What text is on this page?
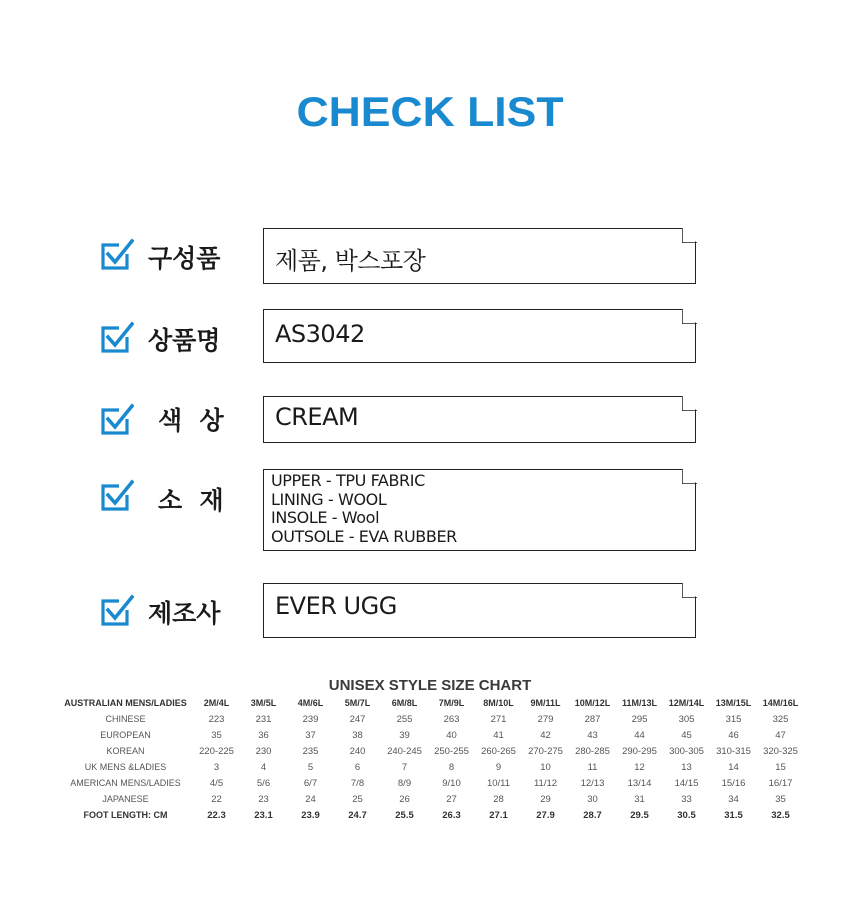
CHECK LIST
구성품 제품, 박스포장
상품명 AS3042
색  상 CREAM
소  재
UPPER - TPU FABRIC
LINING - WOOL
INSOLE - Wool
OUTSOLE - EVA RUBBER
제조사 EVER UGG
UNISEX STYLE SIZE CHART
AUSTRALIAN MENS/LADIES	2M/4L	3M/5L	4M/6L	5M/7L	6M/8L	7M/9L	8M/10L	9M/11L	10M/12L	11M/13L	12M/14L	13M/15L	14M/16L
CHINESE	223	231	239	247	255	263	271	279	287	295	305	315	325
EUROPEAN	35	36	37	38	39	40	41	42	43	44	45	46	47
KOREAN	220-225	230	235	240	240-245	250-255	260-265	270-275	280-285	290-295	300-305	310-315	320-325
UK MENS &LADIES	3	4	5	6	7	8	9	10	11	12	13	14	15
AMERICAN MENS/LADIES	4/5	5/6	6/7	7/8	8/9	9/10	10/11	11/12	12/13	13/14	14/15	15/16	16/17
JAPANESE	22	23	24	25	26	27	28	29	30	31	33	34	35
FOOT LENGTH: CM	22.3	23.1	23.9	24.7	25.5	26.3	27.1	27.9	28.7	29.5	30.5	31.5	32.5
